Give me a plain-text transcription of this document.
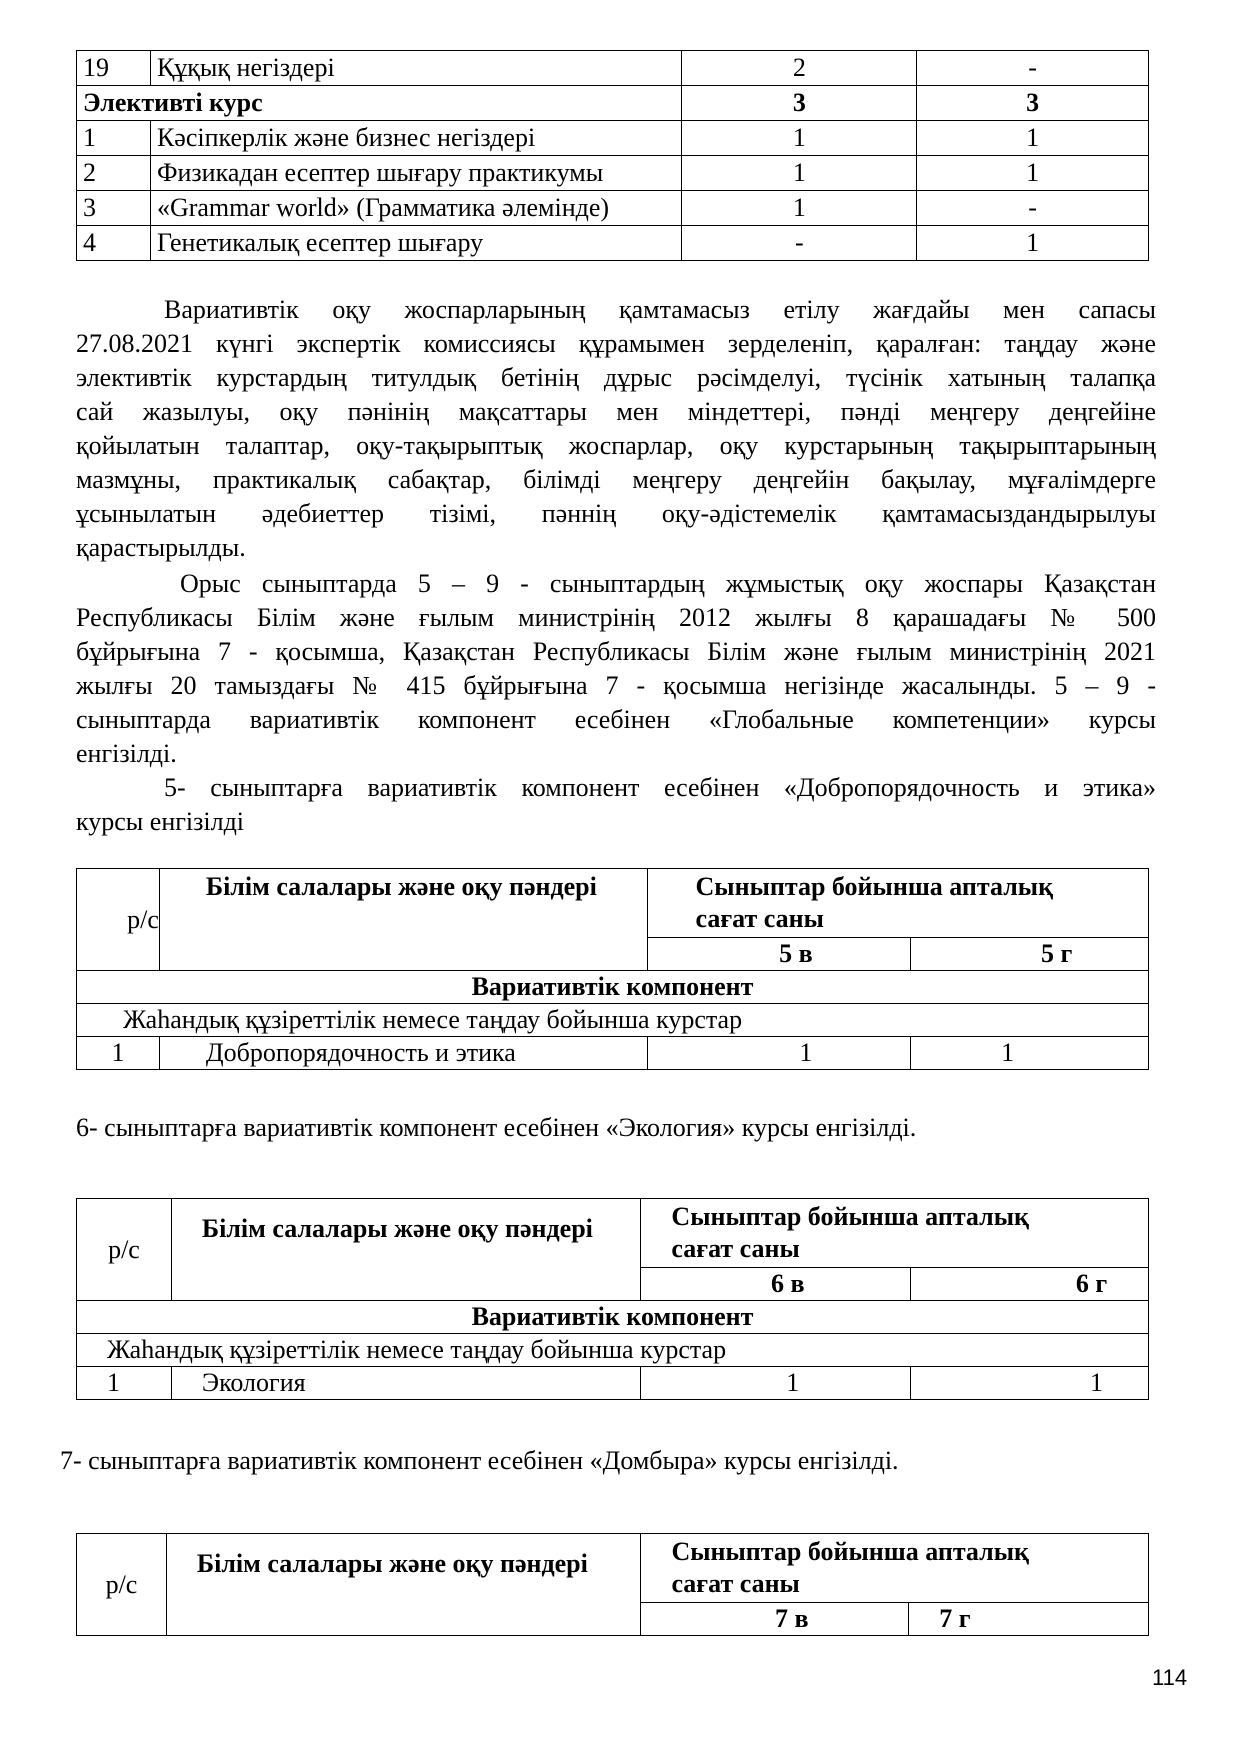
19	Құқық негіздері	2	-
Элективті курс		3	3
1	Кәсіпкерлік және бизнес негіздері	1	1
2	Физикадан есептер шығару практикумы	1	1
3	«Grammar world» (Грамматика әлемінде)	1	-
4	Генетикалық есептер шығару	-	1

Вариативтік оқу жоспарларының қамтамасыз етілу жағдайы мен сапасы

27.08.2021 күнгі экспертік комиссиясы құрамымен зерделеніп, қаралған: таңдау және

элективтік курстардың титулдық бетінің дұрыс рәсімделуі, түсінік хатының талапқа

сай жазылуы, оқу пәнінің мақсаттары мен міндеттері, пәнді меңгеру деңгейіне

қойылатын талаптар, оқу-тақырыптық жоспарлар, оқу курстарының тақырыптарының

мазмұны, практикалық сабақтар, білімді меңгеру деңгейін бақылау, мұғалімдерге

ұсынылатын әдебиеттер тізімі, пәннің оқу-әдістемелік қамтамасыздандырылуы

қарастырылды.

Орыс сыныптарда 5 – 9 - сыныптардың жұмыстық оқу жоспары Қазақстан

Республикасы Білім және ғылым министрінің 2012 жылғы 8 қарашадағы № 500

бұйрығына 7 - қосымша, Қазақстан Республикасы Білім және ғылым министрінің 2021

жылғы 20 тамыздағы № 415 бұйрығына 7 - қосымша негізінде жасалынды. 5 – 9 -

сыныптарда вариативтік компонент есебінен «Глобальные компетенции» курсы

енгізілді.

5- сыныптарға вариативтік компонент есебінен «Добропорядочность и этика»

курсы енгізілді

р/с	Білім салалары және оқу пәндері	Сыныптар бойынша апталық
сағат саны	

		5 в	5 г
Вариативтік компонент			
Жаһандық құзіреттілік немесе таңдау бойынша курстар			
1	Добропорядочность и этика	1	1

6- сыныптарға вариативтік компонент есебінен «Экология» курсы енгізілді.

р/с	Білім салалары және оқу пәндері	Сыныптар бойынша апталық
сағат саны	

		6 в	6 г
Вариативтік компонент			
Жаһандық құзіреттілік немесе таңдау бойынша курстар			
1	Экология	1	1

7- сыныптарға вариативтік компонент есебінен «Домбыра» курсы енгізілді.

р/с	Білім салалары және оқу пәндері	Сыныптар бойынша апталық
сағат саны	

		7 в	7 г
114
